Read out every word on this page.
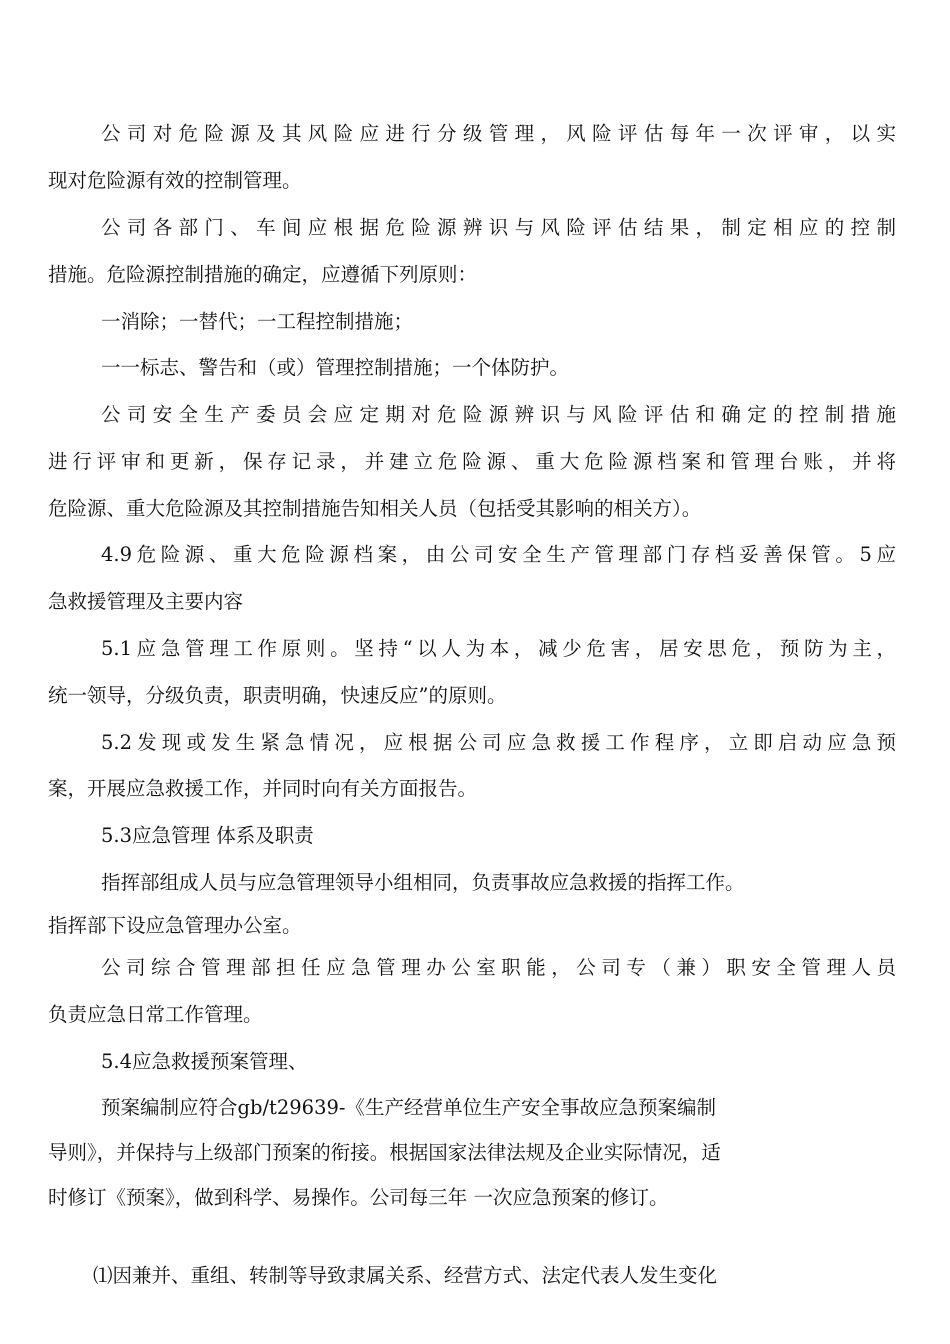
公司对危险源及其风险应进行分级管理，风险评估每年一次评审，以实
现对危险源有效的控制管理。
公司各部门、车间应根据危险源辨识与风险评估结果，制定相应的控制
措施。危险源控制措施的确定，应遵循下列原则：
一消除；一替代；一工程控制措施；
一一标志、警告和（或）管理控制措施；一个体防护。
公司安全生产委员会应定期对危险源辨识与风险评估和确定的控制措施
进行评审和更新，保存记录，并建立危险源、重大危险源档案和管理台账，并将
危险源、重大危险源及其控制措施告知相关人员（包括受其影响的相关方）。
4.9危险源、重大危险源档案，由公司安全生产管理部门存档妥善保管。5应
急救援管理及主要内容
5.1应急管理工作原则。坚持“以人为本，减少危害，居安思危，预防为主，
统一领导，分级负责，职责明确，快速反应”的原则。
5.2发现或发生紧急情况，应根据公司应急救援工作程序，立即启动应急预
案，开展应急救援工作，并同时向有关方面报告。
5.3应急管理 体系及职责
指挥部组成人员与应急管理领导小组相同，负责事故应急救援的指挥工作。
指挥部下设应急管理办公室。
公司综合管理部担任应急管理办公室职能，公司专（兼）职安全管理人员
负责应急日常工作管理。
5.4应急救援预案管理、
预案编制应符合gb/t29639-《生产经营单位生产安全事故应急预案编制
导则》，并保持与上级部门预案的衔接。根据国家法律法规及企业实际情况，适
时修订《预案》，做到科学、易操作。公司每三年 一次应急预案的修订。
⑴因兼并、重组、转制等导致隶属关系、经营方式、法定代表人发生变化
